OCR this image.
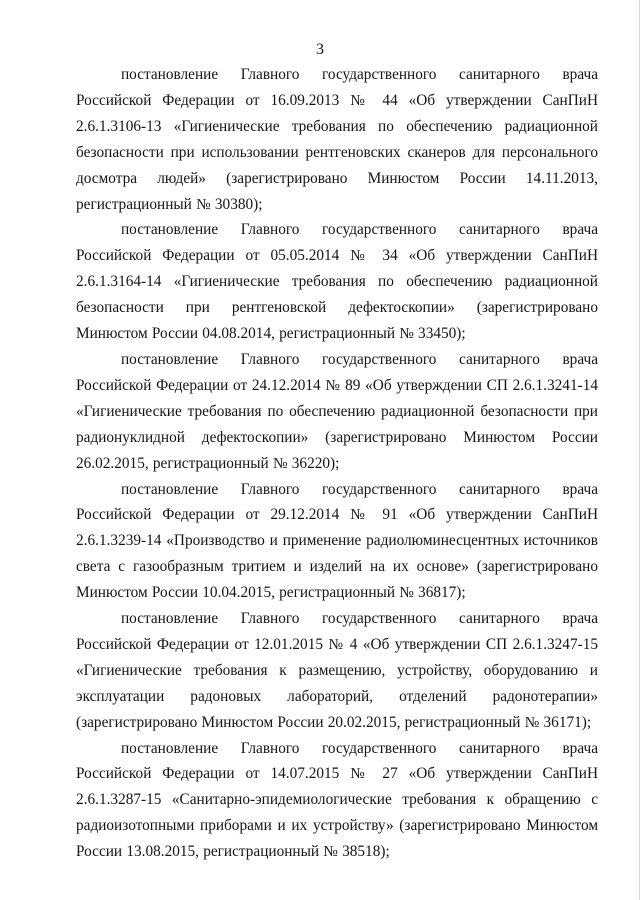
3

постановление Главного государственного санитарного врача Российской Федерации от 16.09.2013 № 44 «Об утверждении СанПиН 2.6.1.3106-13 «Гигиенические требования по обеспечению радиационной безопасности при использовании рентгеновских сканеров для персонального досмотра людей» (зарегистрировано Минюстом России 14.11.2013, регистрационный № 30380);

постановление Главного государственного санитарного врача Российской Федерации от 05.05.2014 № 34 «Об утверждении СанПиН 2.6.1.3164-14 «Гигиенические требования по обеспечению радиационной безопасности при рентгеновской дефектоскопии» (зарегистрировано Минюстом России 04.08.2014, регистрационный № 33450);

постановление Главного государственного санитарного врача Российской Федерации от 24.12.2014 № 89 «Об утверждении СП 2.6.1.3241-14 «Гигиенические требования по обеспечению радиационной безопасности при радионуклидной дефектоскопии» (зарегистрировано Минюстом России 26.02.2015, регистрационный № 36220);

постановление Главного государственного санитарного врача Российской Федерации от 29.12.2014 № 91 «Об утверждении СанПиН 2.6.1.3239-14 «Производство и применение радиолюминесцентных источников света с газообразным тритием и изделий на их основе» (зарегистрировано Минюстом России 10.04.2015, регистрационный № 36817);

постановление Главного государственного санитарного врача Российской Федерации от 12.01.2015 № 4 «Об утверждении СП 2.6.1.3247-15 «Гигиенические требования к размещению, устройству, оборудованию и эксплуатации радоновых лабораторий, отделений радонотерапии» (зарегистрировано Минюстом России 20.02.2015, регистрационный № 36171);

постановление Главного государственного санитарного врача Российской Федерации от 14.07.2015 № 27 «Об утверждении СанПиН 2.6.1.3287-15 «Санитарно-эпидемиологические требования к обращению с радиоизотопными приборами и их устройству» (зарегистрировано Минюстом России 13.08.2015, регистрационный № 38518);
